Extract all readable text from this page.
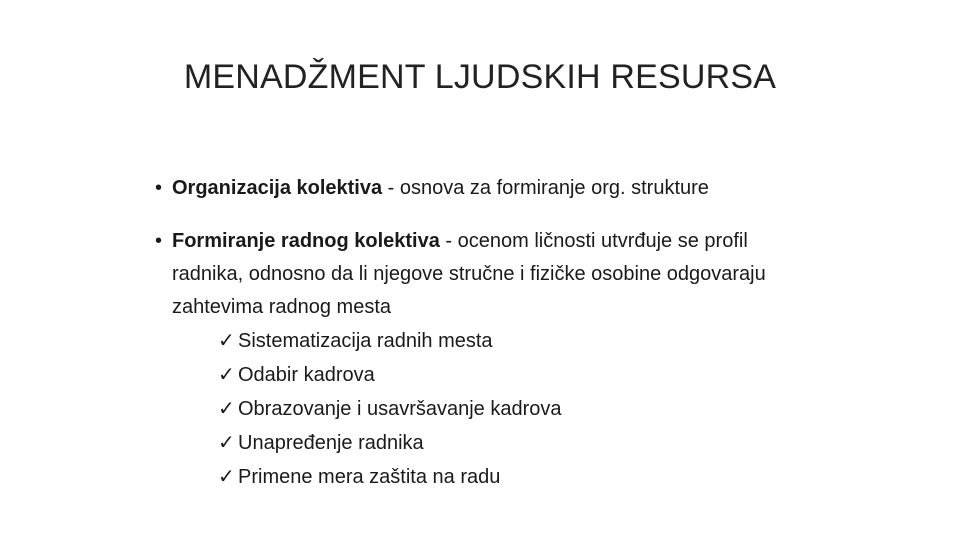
MENADŽMENT LJUDSKIH RESURSA
• Organizacija kolektiva - osnova za formiranje org. strukture
• Formiranje radnog kolektiva - ocenom ličnosti utvrđuje se profil radnika, odnosno da li njegove stručne i fizičke osobine odgovaraju zahtevima radnog mesta
✓ Sistematizacija radnih mesta
✓ Odabir kadrova
✓ Obrazovanje i usavršavanje kadrova
✓ Unapređenje radnika
✓ Primene mera zaštita na radu
